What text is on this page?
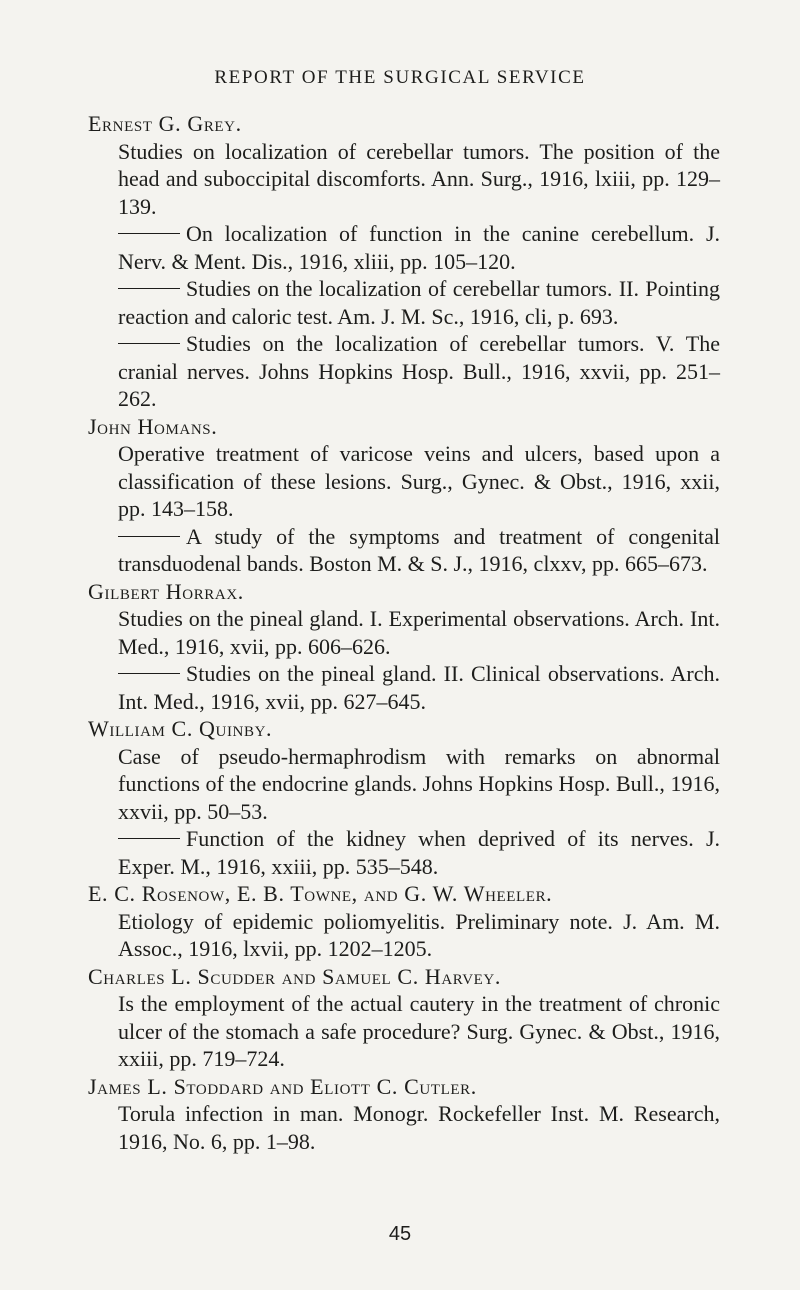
REPORT OF THE SURGICAL SERVICE

Ernest G. Grey.

Studies on localization of cerebellar tumors. The position of the head and suboccipital discomforts. Ann. Surg., 1916, lxiii, pp. 129–139.

On localization of function in the canine cerebellum. J. Nerv. & Ment. Dis., 1916, xliii, pp. 105–120.

Studies on the localization of cerebellar tumors. II. Pointing reaction and caloric test. Am. J. M. Sc., 1916, cli, p. 693.

Studies on the localization of cerebellar tumors. V. The cranial nerves. Johns Hopkins Hosp. Bull., 1916, xxvii, pp. 251–262.

John Homans.

Operative treatment of varicose veins and ulcers, based upon a classification of these lesions. Surg., Gynec. & Obst., 1916, xxii, pp. 143–158.

A study of the symptoms and treatment of congenital transduodenal bands. Boston M. & S. J., 1916, clxxv, pp. 665–673.

Gilbert Horrax.

Studies on the pineal gland. I. Experimental observations. Arch. Int. Med., 1916, xvii, pp. 606–626.

Studies on the pineal gland. II. Clinical observations. Arch. Int. Med., 1916, xvii, pp. 627–645.

William C. Quinby.

Case of pseudo-hermaphrodism with remarks on abnormal functions of the endocrine glands. Johns Hopkins Hosp. Bull., 1916, xxvii, pp. 50–53.

Function of the kidney when deprived of its nerves. J. Exper. M., 1916, xxiii, pp. 535–548.

E. C. Rosenow, E. B. Towne, and G. W. Wheeler.

Etiology of epidemic poliomyelitis. Preliminary note. J. Am. M. Assoc., 1916, lxvii, pp. 1202–1205.

Charles L. Scudder and Samuel C. Harvey.

Is the employment of the actual cautery in the treatment of chronic ulcer of the stomach a safe procedure? Surg. Gynec. & Obst., 1916, xxiii, pp. 719–724.

James L. Stoddard and Eliott C. Cutler.

Torula infection in man. Monogr. Rockefeller Inst. M. Research, 1916, No. 6, pp. 1–98.

45
